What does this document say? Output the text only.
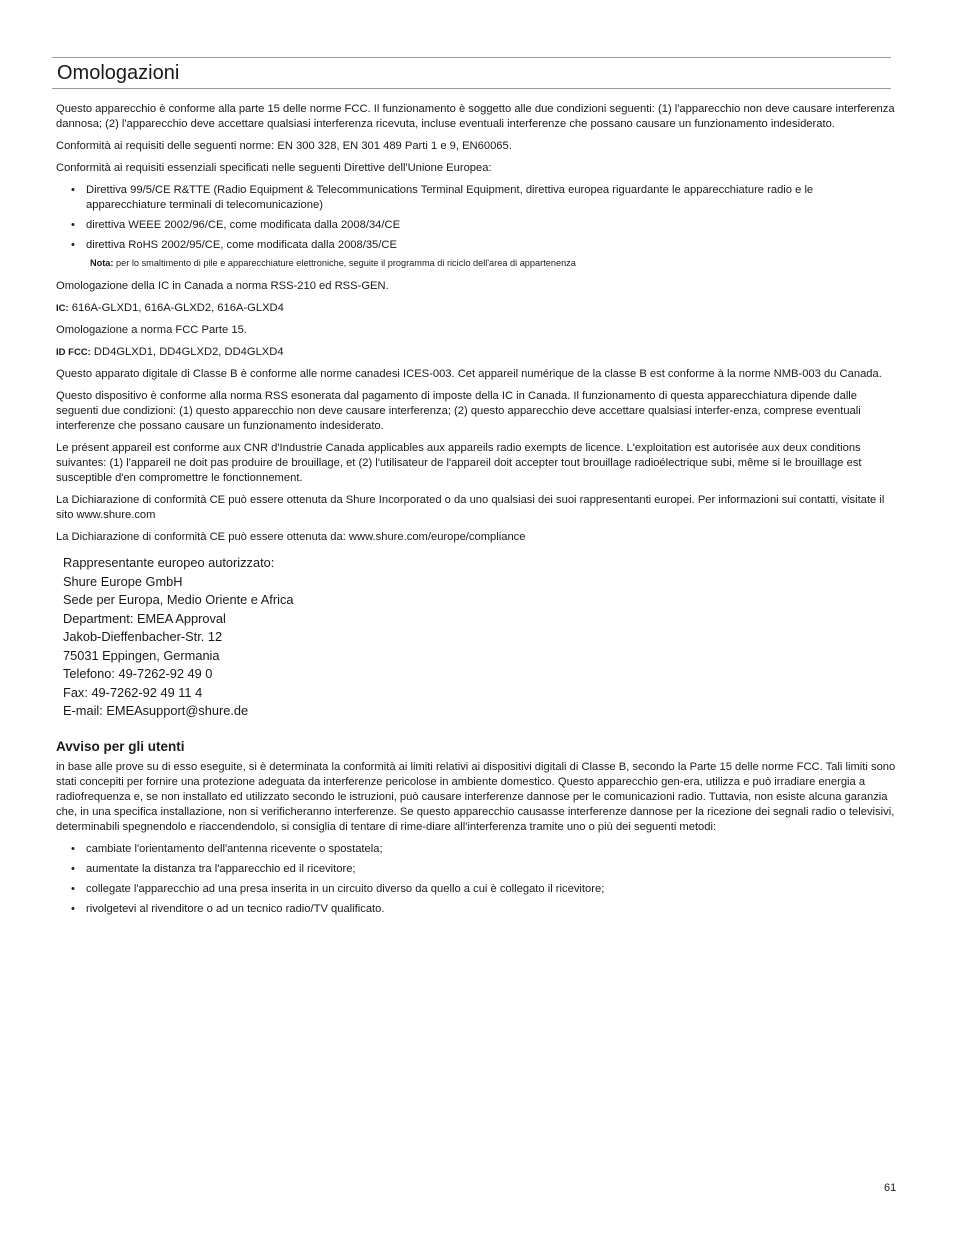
Omologazioni

Questo apparecchio è conforme alla parte 15 delle norme FCC. Il funzionamento è soggetto alle due condizioni seguenti: (1) l'apparecchio non deve causare interferenza dannosa; (2) l'apparecchio deve accettare qualsiasi interferenza ricevuta, incluse eventuali interferenze che possano causare un funzionamento indesiderato.

Conformità ai requisiti delle seguenti norme: EN 300 328, EN 301 489 Parti 1 e 9, EN60065.

Conformità ai requisiti essenziali specificati nelle seguenti Direttive dell'Unione Europea:

• Direttiva 99/5/CE R&TTE (Radio Equipment & Telecommunications Terminal Equipment, direttiva europea riguardante le apparecchiature radio e le apparecchiature terminali di telecomunicazione)
• direttiva WEEE 2002/96/CE, come modificata dalla 2008/34/CE
• direttiva RoHS 2002/95/CE, come modificata dalla 2008/35/CE
Nota: per lo smaltimento di pile e apparecchiature elettroniche, seguite il programma di riciclo dell'area di appartenenza

Omologazione della IC in Canada a norma RSS-210 ed RSS-GEN.

IC: 616A-GLXD1, 616A-GLXD2, 616A-GLXD4

Omologazione a norma FCC Parte 15.

ID FCC: DD4GLXD1, DD4GLXD2, DD4GLXD4

Questo apparato digitale di Classe B è conforme alle norme canadesi ICES-003. Cet appareil numérique de la classe B est conforme à la norme NMB-003 du Canada.

Questo dispositivo è conforme alla norma RSS esonerata dal pagamento di imposte della IC in Canada. Il funzionamento di questa apparecchiatura dipende dalle seguenti due condizioni: (1) questo apparecchio non deve causare interferenza; (2) questo apparecchio deve accettare qualsiasi interfer-enza, comprese eventuali interferenze che possano causare un funzionamento indesiderato.

Le présent appareil est conforme aux CNR d'Industrie Canada applicables aux appareils radio exempts de licence. L'exploitation est autorisée aux deux conditions suivantes: (1) l'appareil ne doit pas produire de brouillage, et (2) l'utilisateur de l'appareil doit accepter tout brouillage radioélectrique subi, même si le brouillage est susceptible d'en compromettre le fonctionnement.

La Dichiarazione di conformità CE può essere ottenuta da Shure Incorporated o da uno qualsiasi dei suoi rappresentanti europei. Per informazioni sui contatti, visitate il sito www.shure.com

La Dichiarazione di conformità CE può essere ottenuta da: www.shure.com/europe/compliance

Rappresentante europeo autorizzato:
Shure Europe GmbH
Sede per Europa, Medio Oriente e Africa
Department: EMEA Approval
Jakob-Dieffenbacher-Str. 12
75031 Eppingen, Germania
Telefono: 49-7262-92 49 0
Fax: 49-7262-92 49 11 4
E-mail: EMEAsupport@shure.de
Avviso per gli utenti

in base alle prove su di esso eseguite, si è determinata la conformità ai limiti relativi ai dispositivi digitali di Classe B, secondo la Parte 15 delle norme FCC. Tali limiti sono stati concepiti per fornire una protezione adeguata da interferenze pericolose in ambiente domestico. Questo apparecchio gen-era, utilizza e può irradiare energia a radiofrequenza e, se non installato ed utilizzato secondo le istruzioni, può causare interferenze dannose per le comunicazioni radio. Tuttavia, non esiste alcuna garanzia che, in una specifica installazione, non si verificheranno interferenze. Se questo apparecchio causasse interferenze dannose per la ricezione dei segnali radio o televisivi, determinabili spegnendolo e riaccendendolo, si consiglia di tentare di rime-diare all'interferenza tramite uno o più dei seguenti metodi:

• cambiate l'orientamento dell'antenna ricevente o spostatela;
• aumentate la distanza tra l'apparecchio ed il ricevitore;
• collegate l'apparecchio ad una presa inserita in un circuito diverso da quello a cui è collegato il ricevitore;
• rivolgetevi al rivenditore o ad un tecnico radio/TV qualificato.
61
